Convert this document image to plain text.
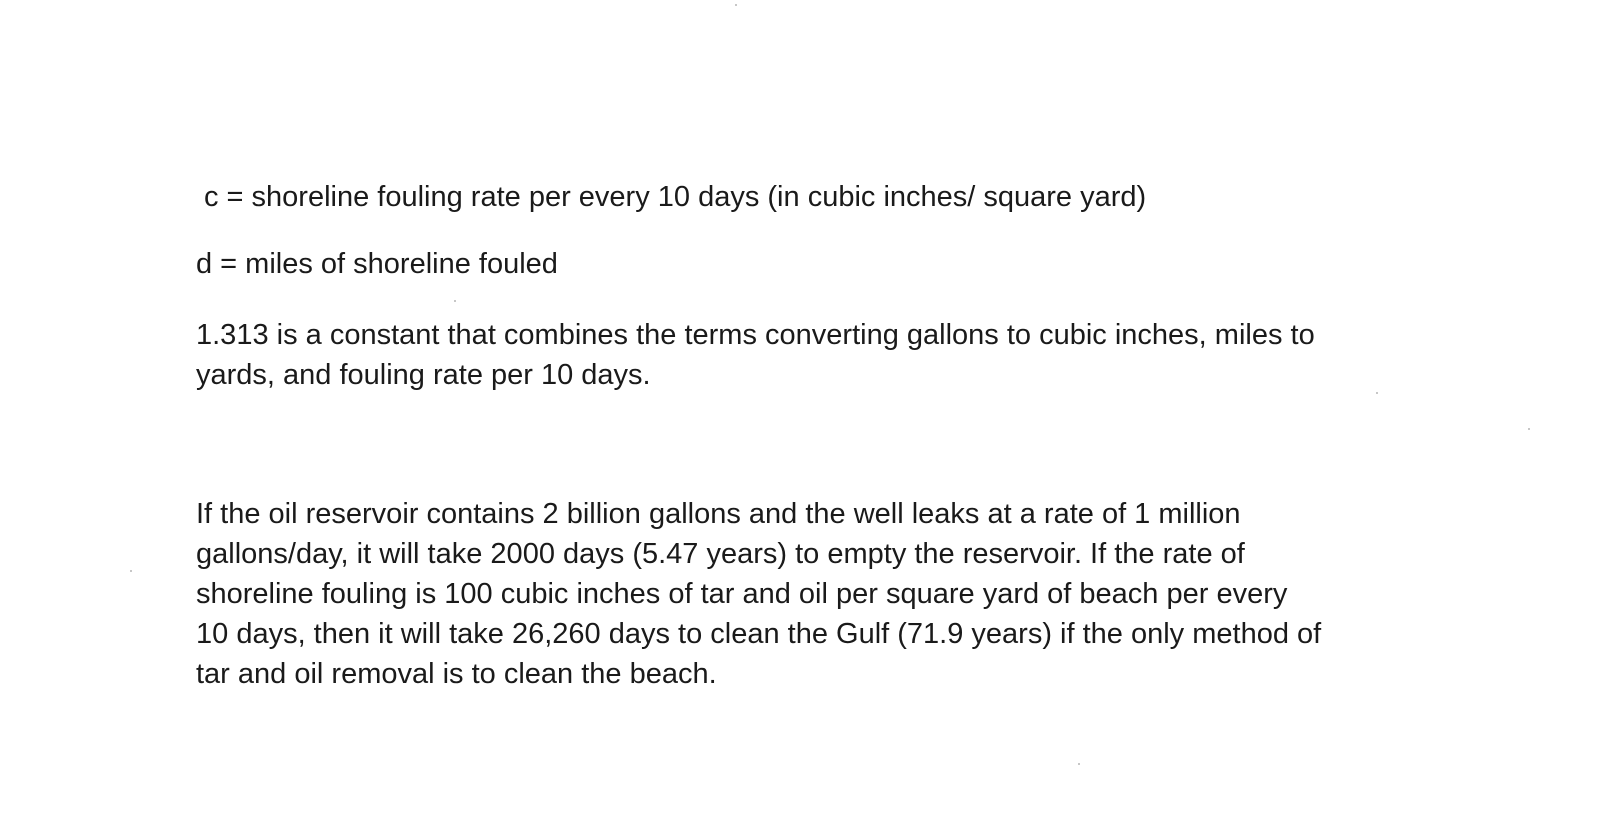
c = shoreline fouling rate per every 10 days (in cubic inches/ square yard)
d = miles of shoreline fouled
1.313 is a constant that combines the terms converting gallons to cubic inches, miles to
yards, and fouling rate per 10 days.
If the oil reservoir contains 2 billion gallons and the well leaks at a rate of 1 million
gallons/day, it will take 2000 days (5.47 years) to empty the reservoir. If the rate of
shoreline fouling is 100 cubic inches of tar and oil per square yard of beach per every
10 days, then it will take 26,260 days to clean the Gulf (71.9 years) if the only method of
tar and oil removal is to clean the beach.
